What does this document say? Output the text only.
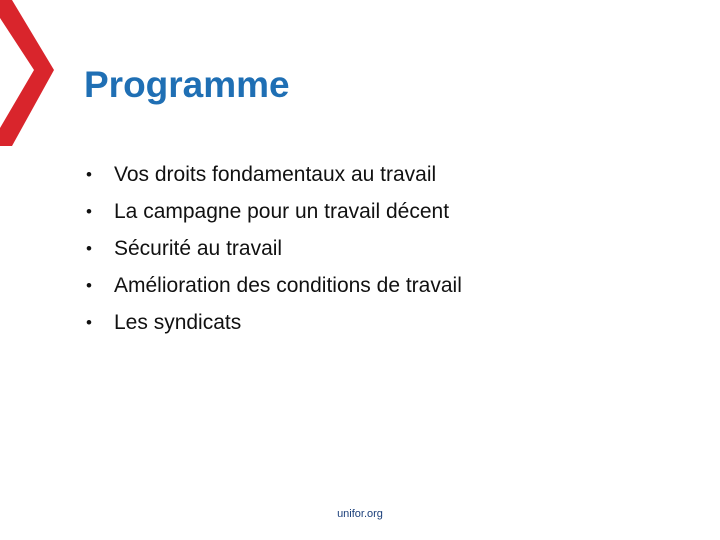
Programme
•	Vos droits fondamentaux au travail
•	La campagne pour un travail décent
•	Sécurité au travail
•	Amélioration des conditions de travail
•	Les syndicats
unifor.org
